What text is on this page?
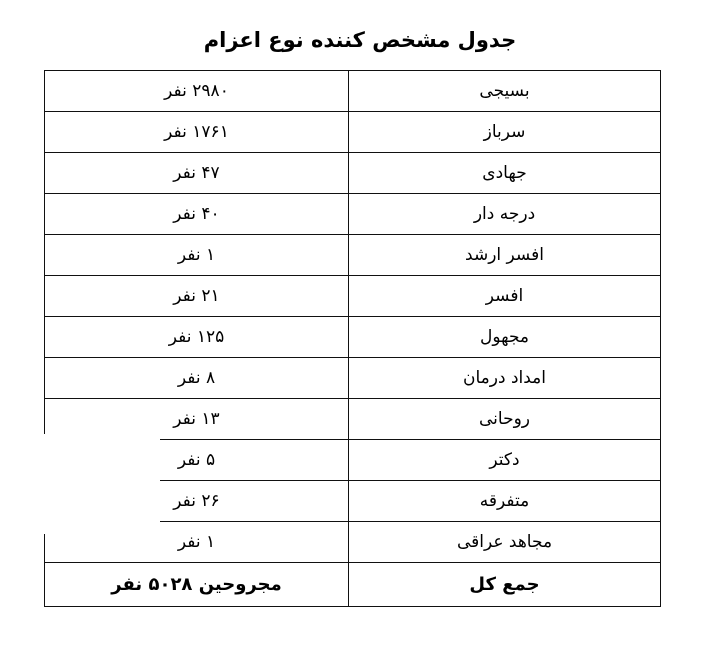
جدول مشخص کننده نوع اعزام
بسیجی	۲۹۸۰ نفر
سرباز	۱۷۶۱ نفر
جهادی	۴۷ نفر
درجه دار	۴۰ نفر
افسر ارشد	۱ نفر
افسر	۲۱ نفر
مجهول	۱۲۵ نفر
امداد درمان	۸ نفر
روحانی	۱۳ نفر
دکتر	۵ نفر
متفرقه	۲۶ نفر
مجاهد عراقی	۱ نفر
جمع کل	مجروحین ۵۰۲۸ نفر
